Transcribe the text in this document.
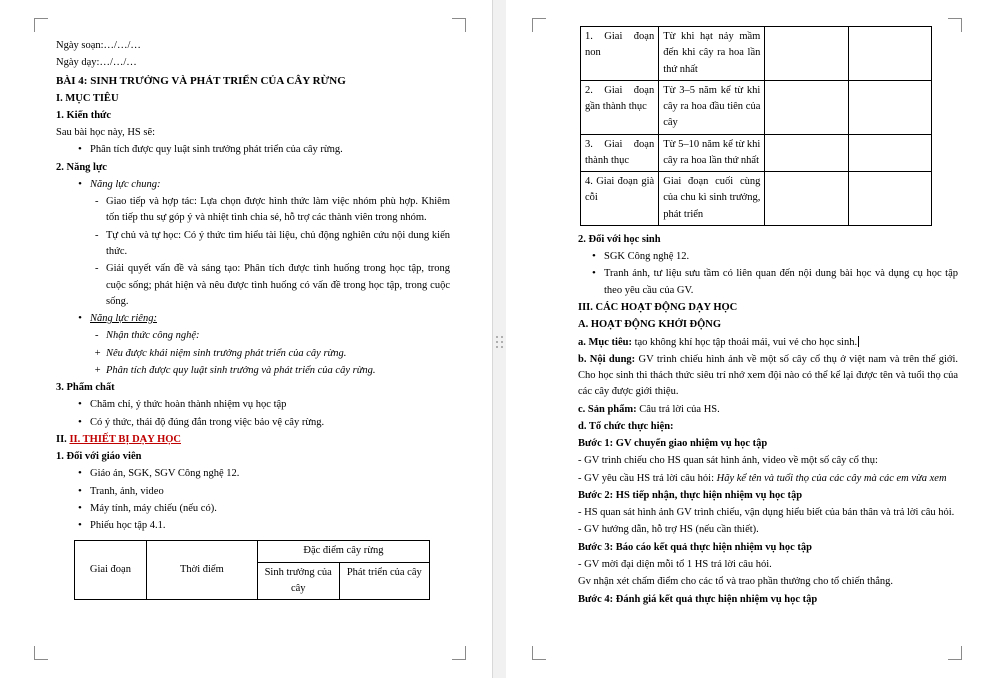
Ngày soạn:…/…/…

Ngày dạy:…/…/…

BÀI 4: SINH TRƯỞNG VÀ PHÁT TRIỂN CỦA CÂY RỪNG

I. MỤC TIÊU

1. Kiến thức

Sau bài học này, HS sẽ:

• Phân tích được quy luật sinh trưởng phát triển của cây rừng.

2. Năng lực

• Năng lực chung:

- Giao tiếp và hợp tác: Lựa chọn được hình thức làm việc nhóm phù hợp. Khiêm tốn tiếp thu sự góp ý và nhiệt tình chia sẻ, hỗ trợ các thành viên trong nhóm.

- Tự chủ và tự học: Có ý thức tìm hiểu tài liệu, chủ động nghiên cứu nội dung kiến thức.

- Giải quyết vấn đề và sáng tạo: Phân tích được tình huống trong học tập, trong cuộc sống; phát hiện và nêu được tình huống có vấn đề trong học tập, trong cuộc sống.

• Năng lực riêng:

- Nhận thức công nghệ:

+ Nêu được khái niệm sinh trưởng phát triển của cây rừng.

+ Phân tích được quy luật sinh trưởng và phát triển của cây rừng.

3. Phẩm chất

• Chăm chỉ, ý thức hoàn thành nhiệm vụ học tập

• Có ý thức, thái độ đúng đắn trong việc bảo vệ cây rừng.

II. II. THIẾT BỊ DẠY HỌC

1. Đối với giáo viên

• Giáo án, SGK, SGV Công nghệ 12.

• Tranh, ảnh, video

• Máy tính, máy chiếu (nếu có).

• Phiếu học tập 4.1.

Giai đoạn	Thời điểm	Đặc điểm cây rừng	
		Sinh trưởng của cây	Phát triển của cây
1. Giai đoạn non	Từ khi hạt nảy mầm đến khi cây ra hoa lần thứ nhất		
2. Giai đoạn gần thành thục	Từ 3–5 năm kể từ khi cây ra hoa đầu tiên của cây		
3. Giai đoạn thành thục	Từ 5–10 năm kể từ khi cây ra hoa lần thứ nhất		
4. Giai đoạn già cỗi	Giai đoạn cuối cùng của chu kì sinh trưởng, phát triển		

2. Đối với học sinh

• SGK Công nghệ 12.

• Tranh ảnh, tư liệu sưu tầm có liên quan đến nội dung bài học và dụng cụ học tập theo yêu cầu của GV.

III. CÁC HOẠT ĐỘNG DẠY HỌC

A. HOẠT ĐỘNG KHỞI ĐỘNG

a. Mục tiêu: tạo không khí học tập thoải mái, vui vẻ cho học sinh.

b. Nội dung: GV trình chiếu hình ảnh về một số cây cổ thụ ở việt nam và trên thế giới. Cho học sinh thi thách thức siêu trí nhớ xem đội nào có thể kể lại được tên và tuổi thọ của các cây được giới thiệu.

c. Sản phẩm: Câu trả lời của HS.

d. Tổ chức thực hiện:

Bước 1: GV chuyển giao nhiệm vụ học tập

- GV trình chiếu cho HS quan sát hình ảnh, video về một số cây cổ thụ:

- GV yêu cầu HS trả lời câu hỏi: Hãy kể tên và tuổi thọ của các cây mà các em vừa xem

Bước 2: HS tiếp nhận, thực hiện nhiệm vụ học tập

- HS quan sát hình ảnh GV trình chiếu, vận dụng hiểu biết của bản thân và trả lời câu hỏi.

- GV hướng dẫn, hỗ trợ HS (nếu cần thiết).

Bước 3: Báo cáo kết quả thực hiện nhiệm vụ học tập

- GV mời đại diện mỗi tổ 1 HS trả lời câu hỏi.

Gv nhận xét chấm điểm cho các tổ và trao phần thưởng cho tổ chiến thắng.

Bước 4: Đánh giá kết quả thực hiện nhiệm vụ học tập
